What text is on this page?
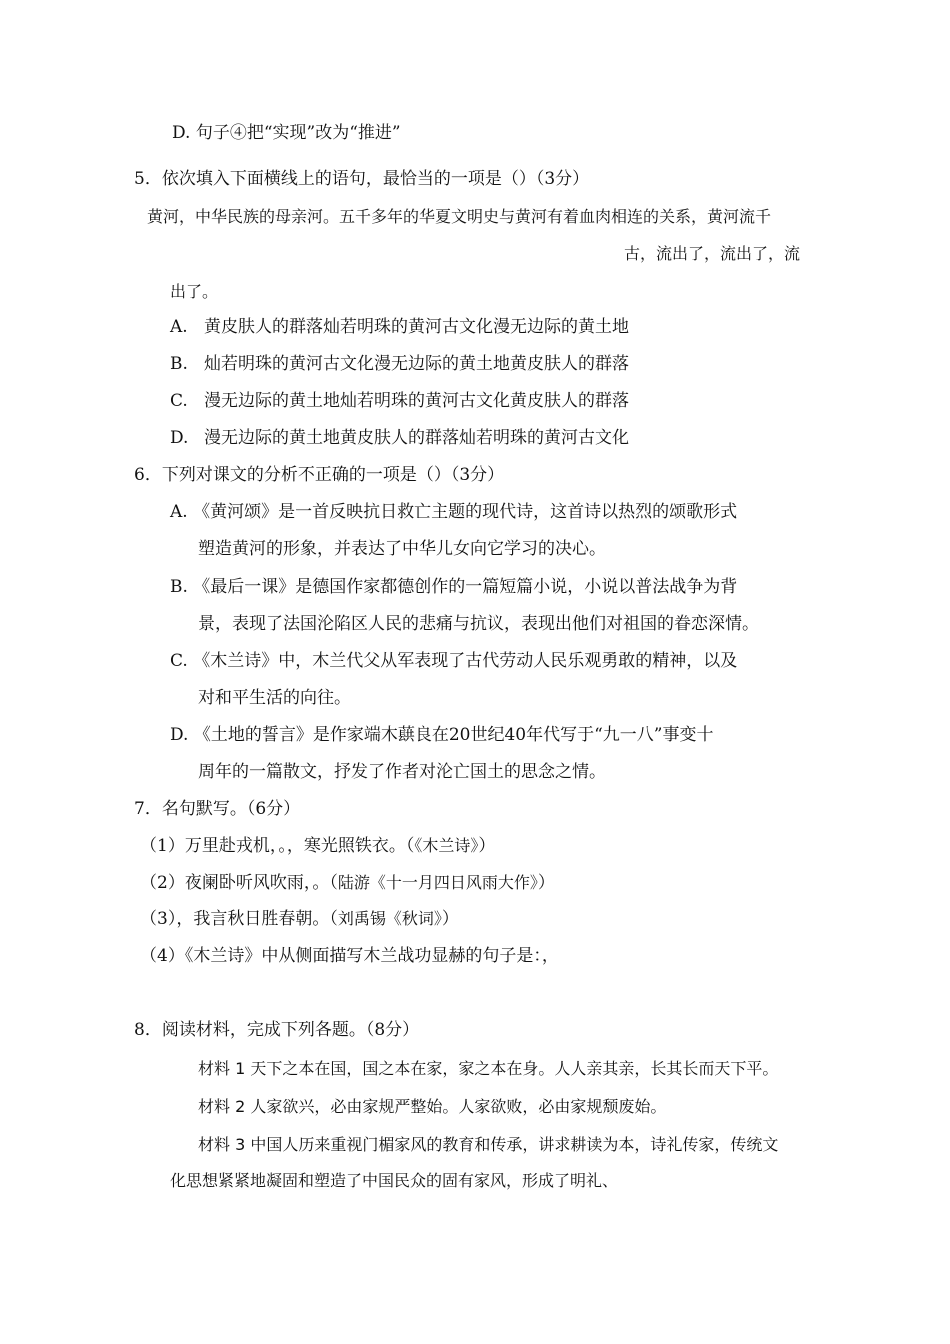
D. 句子④把“实现”改为“推进”
5．依次填入下面横线上的语句，最恰当的一项是（）（3分）
黄河，中华民族的母亲河。五千多年的华夏文明史与黄河有着血肉相连的关系，黄河流千
古，流出了，流出了，流
出了。
A. 黄皮肤人的群落灿若明珠的黄河古文化漫无边际的黄土地
B. 灿若明珠的黄河古文化漫无边际的黄土地黄皮肤人的群落
C. 漫无边际的黄土地灿若明珠的黄河古文化黄皮肤人的群落
D. 漫无边际的黄土地黄皮肤人的群落灿若明珠的黄河古文化
6．下列对课文的分析不正确的一项是（）（3分）
A. 《黄河颂》是一首反映抗日救亡主题的现代诗，这首诗以热烈的颂歌形式
塑造黄河的形象，并表达了中华儿女向它学习的决心。
B. 《最后一课》是德国作家都德创作的一篇短篇小说，小说以普法战争为背
景，表现了法国沦陷区人民的悲痛与抗议，表现出他们对祖国的眷恋深情。
C. 《木兰诗》中，木兰代父从军表现了古代劳动人民乐观勇敢的精神，以及
对和平生活的向往。
D. 《土地的誓言》是作家端木蕻良在20世纪40年代写于“九一八”事变十
周年的一篇散文，抒发了作者对沦亡国土的思念之情。
7．名句默写。（6分）
（1）万里赴戎机，。，寒光照铁衣。（《木兰诗》）
（2）夜阑卧听风吹雨，。（陆游《十一月四日风雨大作》）
（3），我言秋日胜春朝。（刘禹锡《秋词》）
（4）《木兰诗》中从侧面描写木兰战功显赫的句子是：，
8．阅读材料，完成下列各题。（8分）
材料 1 天下之本在国，国之本在家，家之本在身。人人亲其亲，长其长而天下平。
材料 2 人家欲兴，必由家规严整始。人家欲败，必由家规颓废始。
材料 3 中国人历来重视门楣家风的教育和传承，讲求耕读为本，诗礼传家，传统文
化思想紧紧地凝固和塑造了中国民众的固有家风，形成了明礼、
